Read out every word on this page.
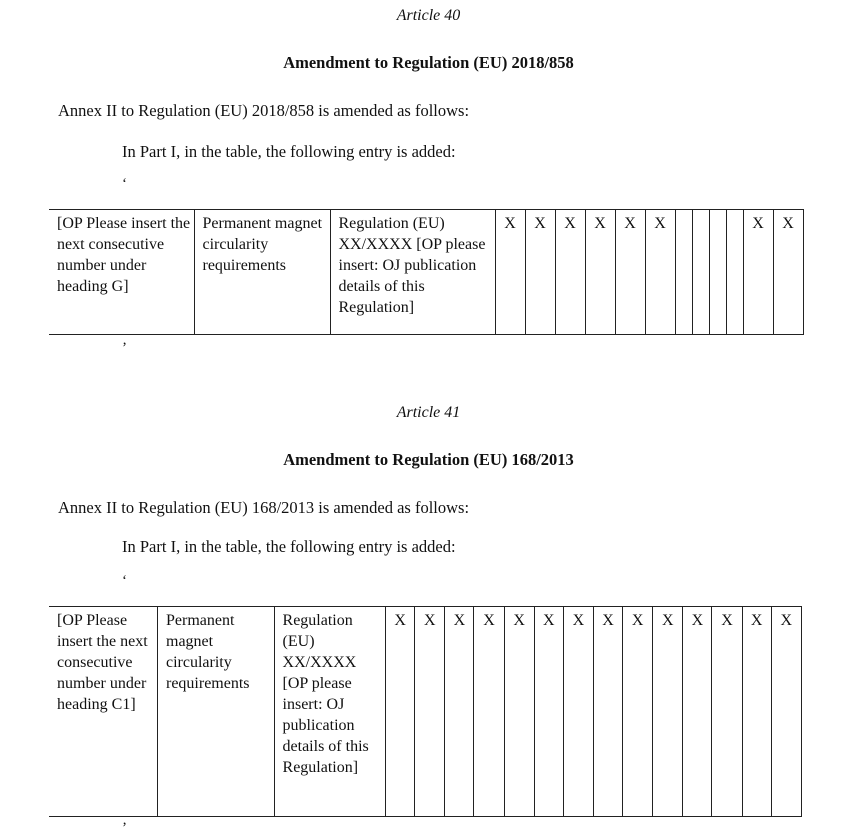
Article 40
Amendment to Regulation (EU) 2018/858
Annex II to Regulation (EU) 2018/858 is amended as follows:
In Part I, in the table, the following entry is added:
‘
[OP Please insert the next consecutive number under heading G]	Permanent magnet circularity requirements	Regulation (EU) XX/XXXX [OP please insert: OJ publication details of this Regulation]	X	X	X	X	X	X					X	X
’
Article 41
Amendment to Regulation (EU) 168/2013
Annex II to Regulation (EU) 168/2013 is amended as follows:
In Part I, in the table, the following entry is added:
‘
[OP Please insert the next consecutive number under heading C1]	Permanent magnet circularity requirements	Regulation (EU) XX/XXXX [OP please insert: OJ publication details of this Regulation]	X	X	X	X	X	X	X	X	X	X	X	X	X	X
’
